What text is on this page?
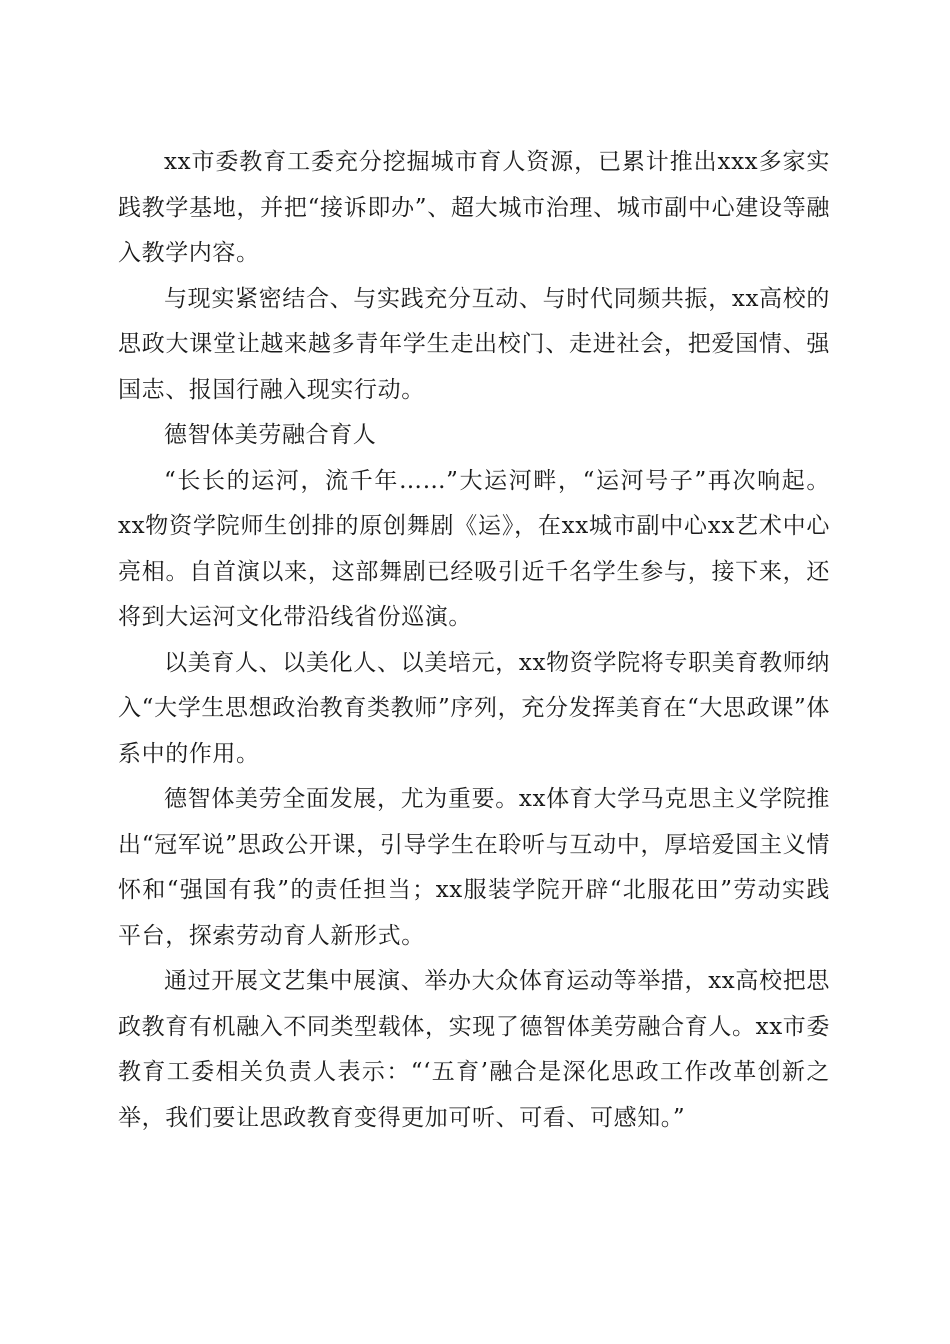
xx市委教育工委充分挖掘城市育人资源，已累计推出xxx多家实践教学基地，并把“接诉即办”、超大城市治理、城市副中心建设等融入教学内容。

与现实紧密结合、与实践充分互动、与时代同频共振，xx高校的思政大课堂让越来越多青年学生走出校门、走进社会，把爱国情、强国志、报国行融入现实行动。

德智体美劳融合育人

“长长的运河，流千年……”大运河畔，“运河号子”再次响起。xx物资学院师生创排的原创舞剧《运》，在xx城市副中心xx艺术中心亮相。自首演以来，这部舞剧已经吸引近千名学生参与，接下来，还将到大运河文化带沿线省份巡演。

以美育人、以美化人、以美培元，xx物资学院将专职美育教师纳入“大学生思想政治教育类教师”序列，充分发挥美育在“大思政课”体系中的作用。

德智体美劳全面发展，尤为重要。xx体育大学马克思主义学院推出“冠军说”思政公开课，引导学生在聆听与互动中，厚培爱国主义情怀和“强国有我”的责任担当；xx服装学院开辟“北服花田”劳动实践平台，探索劳动育人新形式。

通过开展文艺集中展演、举办大众体育运动等举措，xx高校把思政教育有机融入不同类型载体，实现了德智体美劳融合育人。xx市委教育工委相关负责人表示：“‘五育’融合是深化思政工作改革创新之举，我们要让思政教育变得更加可听、可看、可感知。”
